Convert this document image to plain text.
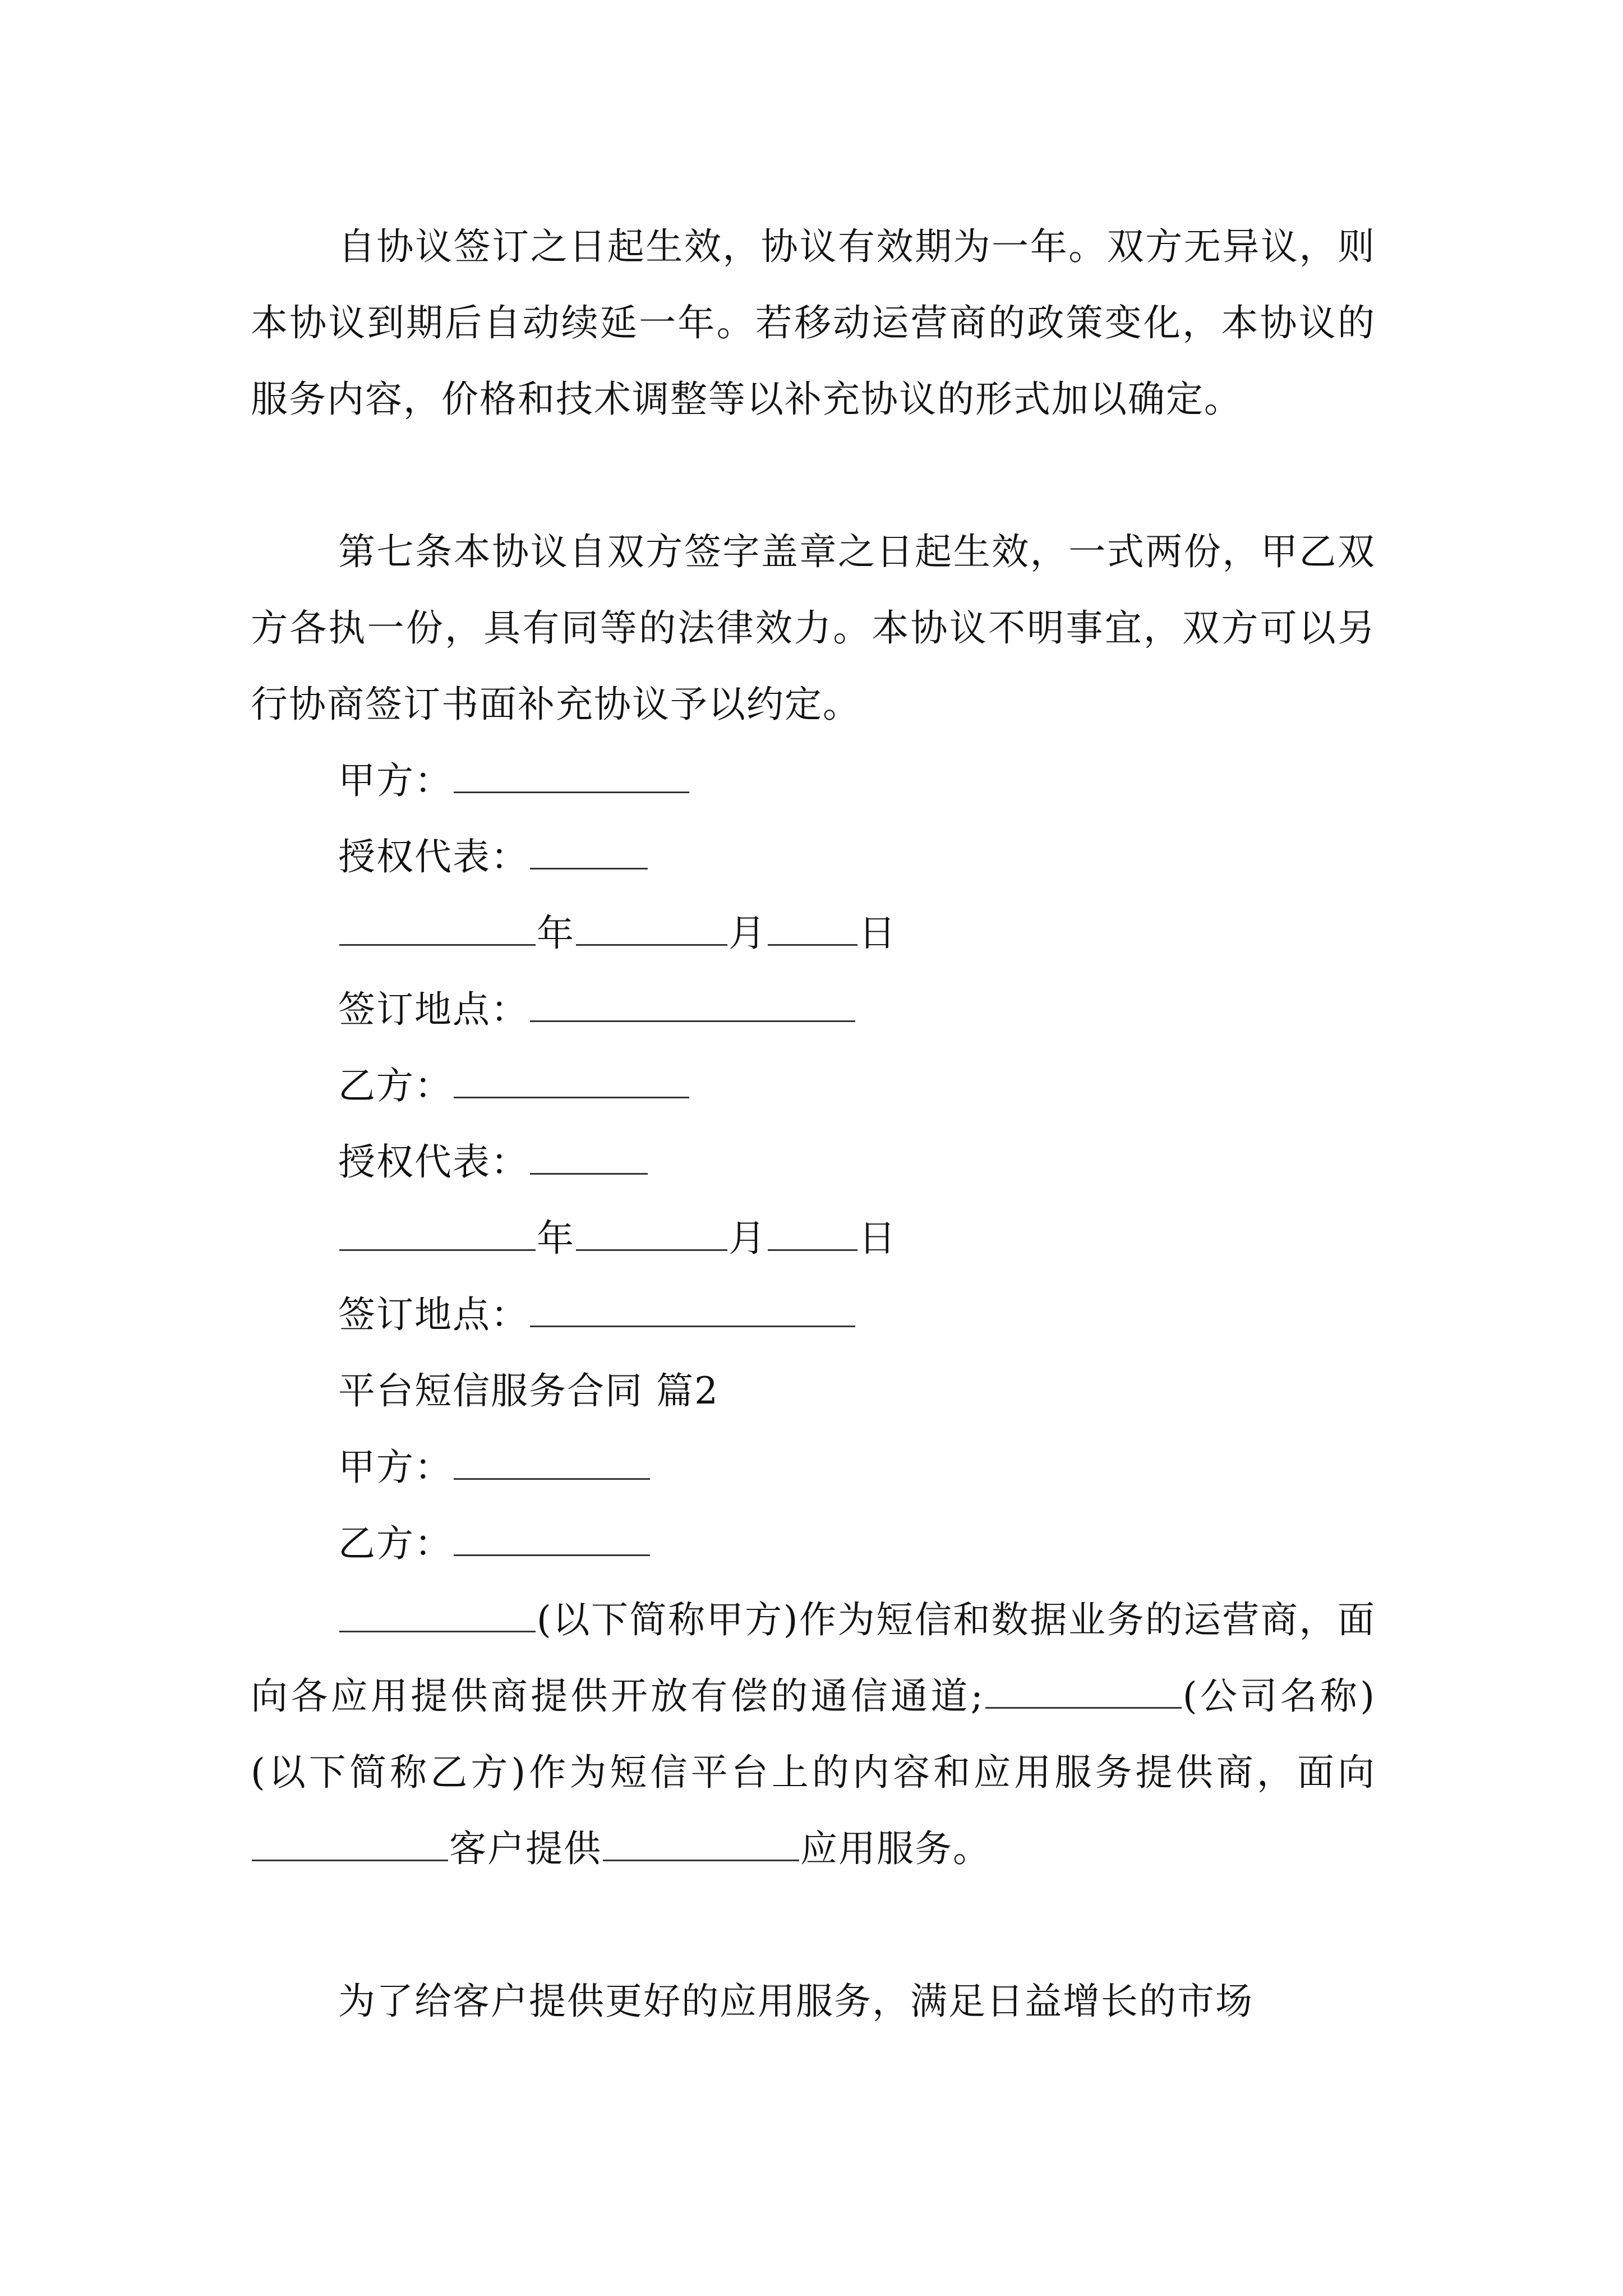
自协议签订之日起生效，协议有效期为一年。双方无异议，则本协议到期后自动续延一年。若移动运营商的政策变化，本协议的服务内容，价格和技术调整等以补充协议的形式加以确定。

第七条本协议自双方签字盖章之日起生效，一式两份，甲乙双方各执一份，具有同等的法律效力。本协议不明事宜，双方可以另行协商签订书面补充协议予以约定。

甲方：
授权代表：
年	月 日
签订地点：
乙方：
授权代表：
年	月 日
签订地点：
平台短信服务合同 篇2
甲方：
乙方：

(以下简称甲方)作为短信和数据业务的运营商，面向各应用提供商提供开放有偿的通信通道;	(公司名称)(以下简称乙方)作为短信平台上的内容和应用服务提供商，面向客户提供	应用服务。

为了给客户提供更好的应用服务，满足日益增长的市场
